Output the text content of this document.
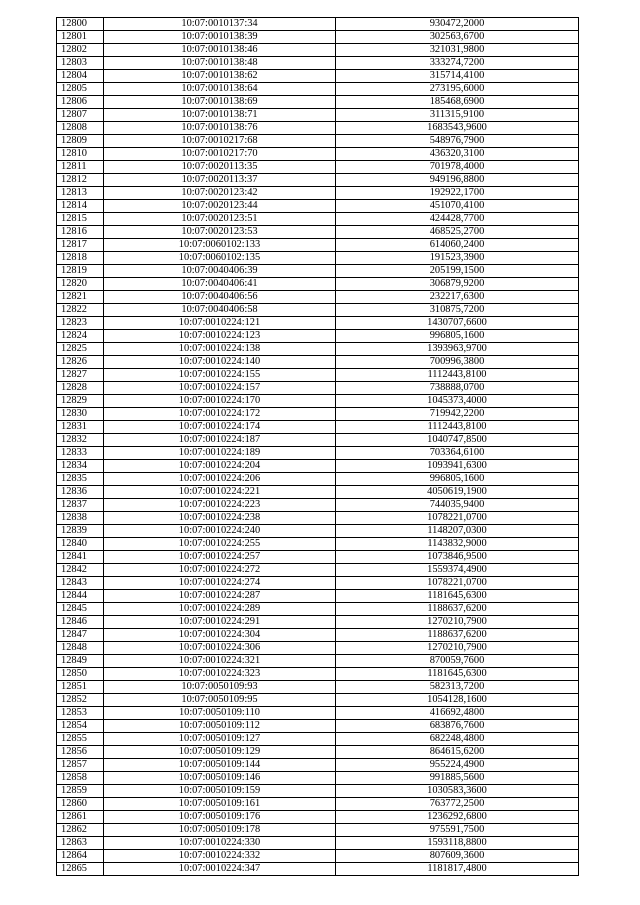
12800	10:07:0010137:34	930472,2000
12801	10:07:0010138:39	302563,6700
12802	10:07:0010138:46	321031,9800
12803	10:07:0010138:48	333274,7200
12804	10:07:0010138:62	315714,4100
12805	10:07:0010138:64	273195,6000
12806	10:07:0010138:69	185468,6900
12807	10:07:0010138:71	311315,9100
12808	10:07:0010138:76	1683543,9600
12809	10:07:0010217:68	548976,7900
12810	10:07:0010217:70	436320,3100
12811	10:07:0020113:35	701978,4000
12812	10:07:0020113:37	949196,8800
12813	10:07:0020123:42	192922,1700
12814	10:07:0020123:44	451070,4100
12815	10:07:0020123:51	424428,7700
12816	10:07:0020123:53	468525,2700
12817	10:07:0060102:133	614060,2400
12818	10:07:0060102:135	191523,3900
12819	10:07:0040406:39	205199,1500
12820	10:07:0040406:41	306879,9200
12821	10:07:0040406:56	232217,6300
12822	10:07:0040406:58	310875,7200
12823	10:07:0010224:121	1430707,6600
12824	10:07:0010224:123	996805,1600
12825	10:07:0010224:138	1393963,9700
12826	10:07:0010224:140	700996,3800
12827	10:07:0010224:155	1112443,8100
12828	10:07:0010224:157	738888,0700
12829	10:07:0010224:170	1045373,4000
12830	10:07:0010224:172	719942,2200
12831	10:07:0010224:174	1112443,8100
12832	10:07:0010224:187	1040747,8500
12833	10:07:0010224:189	703364,6100
12834	10:07:0010224:204	1093941,6300
12835	10:07:0010224:206	996805,1600
12836	10:07:0010224:221	4050619,1900
12837	10:07:0010224:223	744035,9400
12838	10:07:0010224:238	1078221,0700
12839	10:07:0010224:240	1148207,0300
12840	10:07:0010224:255	1143832,9000
12841	10:07:0010224:257	1073846,9500
12842	10:07:0010224:272	1559374,4900
12843	10:07:0010224:274	1078221,0700
12844	10:07:0010224:287	1181645,6300
12845	10:07:0010224:289	1188637,6200
12846	10:07:0010224:291	1270210,7900
12847	10:07:0010224:304	1188637,6200
12848	10:07:0010224:306	1270210,7900
12849	10:07:0010224:321	870059,7600
12850	10:07:0010224:323	1181645,6300
12851	10:07:0050109:93	582313,7200
12852	10:07:0050109:95	1054128,1600
12853	10:07:0050109:110	416692,4800
12854	10:07:0050109:112	683876,7600
12855	10:07:0050109:127	682248,4800
12856	10:07:0050109:129	864615,6200
12857	10:07:0050109:144	955224,4900
12858	10:07:0050109:146	991885,5600
12859	10:07:0050109:159	1030583,3600
12860	10:07:0050109:161	763772,2500
12861	10:07:0050109:176	1236292,6800
12862	10:07:0050109:178	975591,7500
12863	10:07:0010224:330	1593118,8800
12864	10:07:0010224:332	807609,3600
12865	10:07:0010224:347	1181817,4800
